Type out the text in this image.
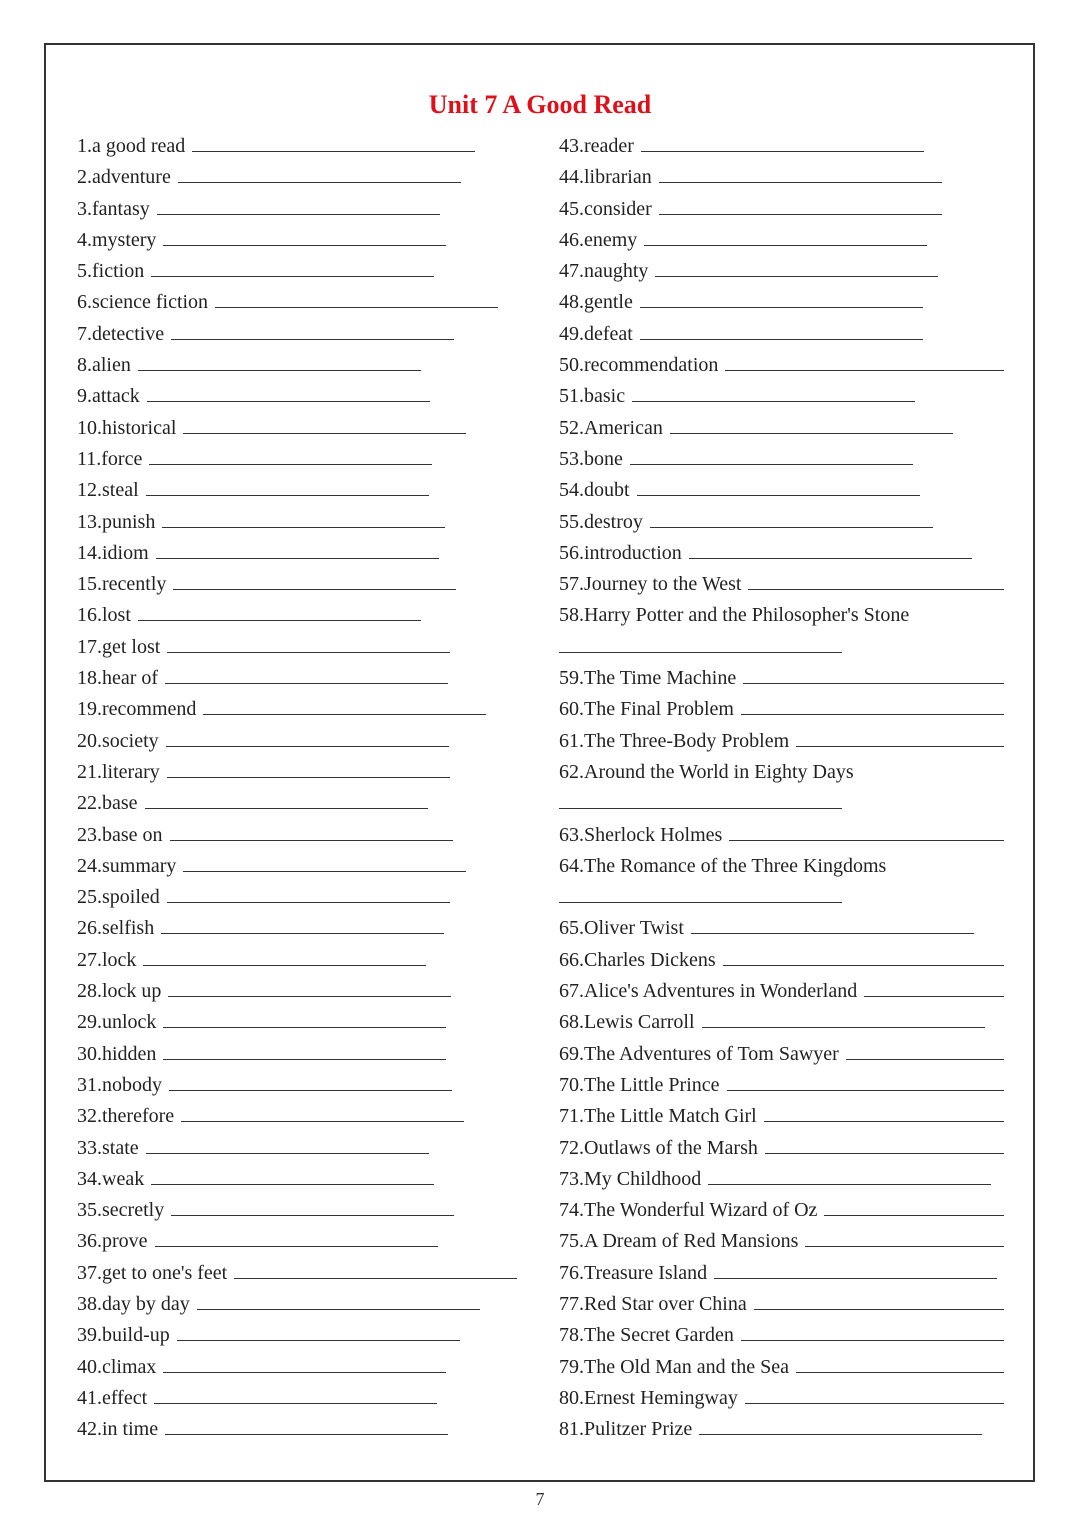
Unit 7 A Good Read
1.a good read
2.adventure
3.fantasy
4.mystery
5.fiction
6.science fiction
7.detective
8.alien
9.attack
10.historical
11.force
12.steal
13.punish
14.idiom
15.recently
16.lost
17.get lost
18.hear of
19.recommend
20.society
21.literary
22.base
23.base on
24.summary
25.spoiled
26.selfish
27.lock
28.lock up
29.unlock
30.hidden
31.nobody
32.therefore
33.state
34.weak
35.secretly
36.prove
37.get to one's feet
38.day by day
39.build-up
40.climax
41.effect
42.in time
43.reader
44.librarian
45.consider
46.enemy
47.naughty
48.gentle
49.defeat
50.recommendation
51.basic
52.American
53.bone
54.doubt
55.destroy
56.introduction
57.Journey to the West
58.Harry Potter and the Philosopher's Stone
59.The Time Machine
60.The Final Problem
61.The Three-Body Problem
62.Around the World in Eighty Days
63.Sherlock Holmes
64.The Romance of the Three Kingdoms
65.Oliver Twist
66.Charles Dickens
67.Alice's Adventures in Wonderland
68.Lewis Carroll
69.The Adventures of Tom Sawyer
70.The Little Prince
71.The Little Match Girl
72.Outlaws of the Marsh
73.My Childhood
74.The Wonderful Wizard of Oz
75.A Dream of Red Mansions
76.Treasure Island
77.Red Star over China
78.The Secret Garden
79.The Old Man and the Sea
80.Ernest Hemingway
81.Pulitzer Prize
7
